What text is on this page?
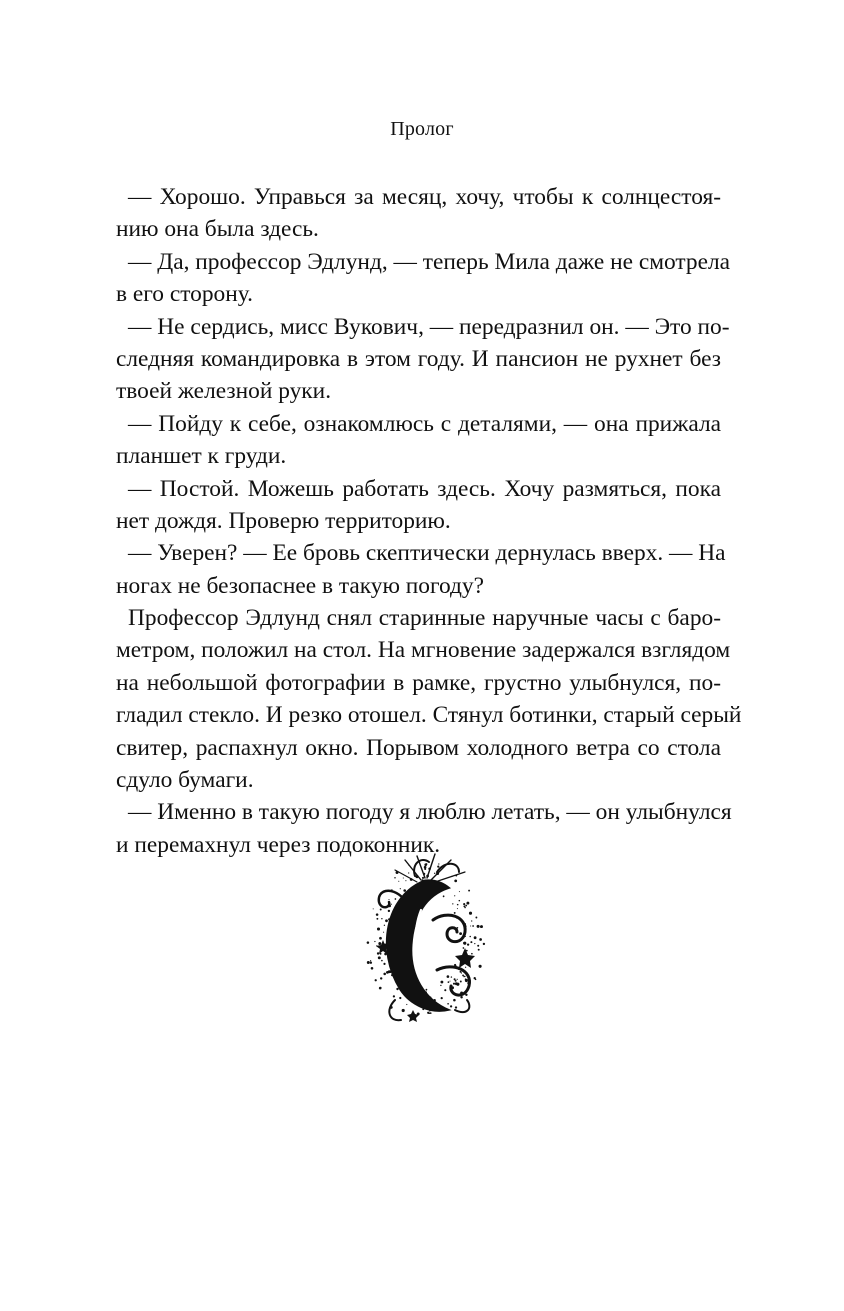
Пролог

— Хорошо. Управься за месяц, хочу, чтобы к солнцестоя-
нию она была здесь.

— Да, профессор Эдлунд, — теперь Мила даже не смотрела
в его сторону.

— Не сердись, мисс Вукович, — передразнил он. — Это по-
следняя командировка в этом году. И пансион не рухнет без
твоей железной руки.

— Пойду к себе, ознакомлюсь с деталями, — она прижала
планшет к груди.

— Постой. Можешь работать здесь. Хочу размяться, пока
нет дождя. Проверю территорию.

— Уверен? — Ее бровь скептически дернулась вверх. — На
ногах не безопаснее в такую погоду?

Профессор Эдлунд снял старинные наручные часы с баро-
метром, положил на стол. На мгновение задержался взглядом
на небольшой фотографии в рамке, грустно улыбнулся, по-
гладил стекло. И резко отошел. Стянул ботинки, старый серый
свитер, распахнул окно. Порывом холодного ветра со стола
сдуло бумаги.

— Именно в такую погоду я люблю летать, — он улыбнулся
и перемахнул через подоконник.
